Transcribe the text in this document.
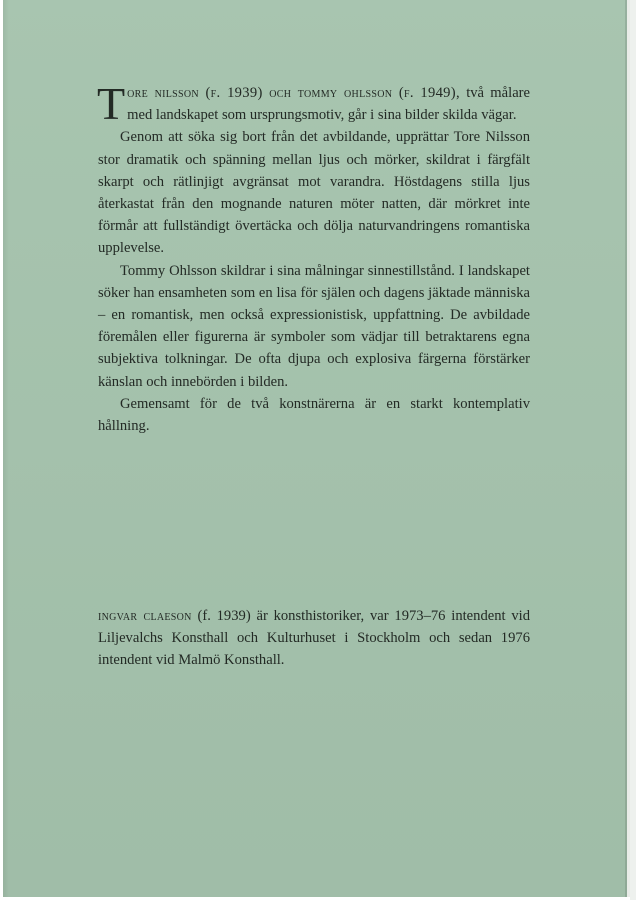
Tore nilsson (f. 1939) och tommy ohlsson (f. 1949), två målare med landskapet som ursprungsmotiv, går i sina bilder skilda vägar.

Genom att söka sig bort från det avbildande, upprättar Tore Nilsson stor dramatik och spänning mellan ljus och mörker, skildrat i färgfält skarpt och rätlinjigt avgränsat mot varandra. Höstdagens stilla ljus återkastat från den mognande naturen möter natten, där mörkret inte förmår att fullständigt övertäcka och dölja naturvandringens romantiska upplevelse.

Tommy Ohlsson skildrar i sina målningar sinnestillstånd. I landskapet söker han ensamheten som en lisa för själen och dagens jäktade människa – en romantisk, men också expressionistisk, uppfattning. De avbildade föremålen eller figurerna är symboler som vädjar till betraktarens egna subjektiva tolkningar. De ofta djupa och explosiva färgerna förstärker känslan och innebörden i bilden.

Gemensamt för de två konstnärerna är en starkt kontemplativ hållning.

ingvar claeson (f. 1939) är konsthistoriker, var 1973–76 intendent vid Liljevalchs Konsthall och Kulturhuset i Stockholm och sedan 1976 intendent vid Malmö Konsthall.
